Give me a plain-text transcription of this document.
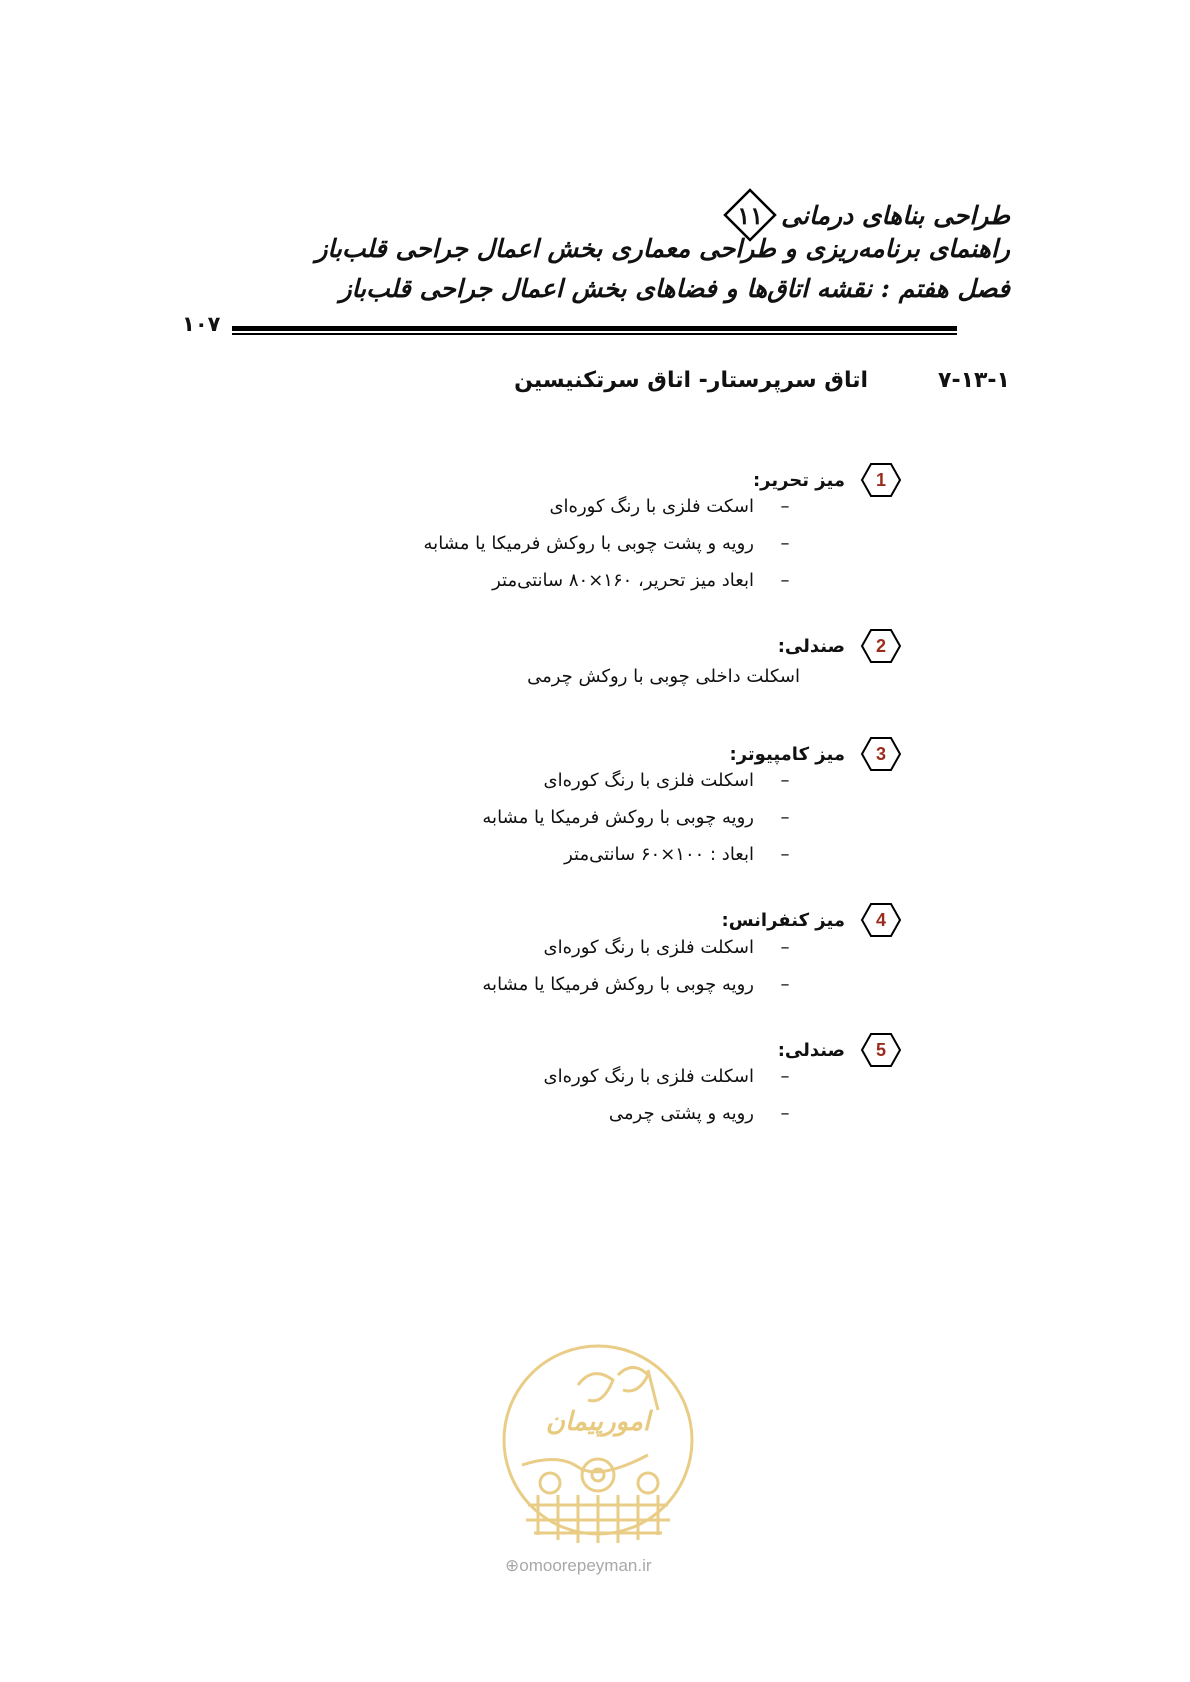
طراحی بناهای درمانی
۱۱
راهنمای برنامه‌ریزی و طراحی معماری بخش اعمال جراحی قلب‌باز
فصل هفتم : نقشه اتاق‌ها و فضاهای بخش اعمال جراحی قلب‌باز
۱۰۷
۷-۱۳-۱
اتاق سرپرستار- اتاق سرتکنیسین
1
میز تحریر:
–
اسکت فلزی با رنگ کوره‌ای
–
رویه و پشت چوبی با روکش فرمیکا یا مشابه
–
ابعاد میز تحریر، ۱۶۰×۸۰ سانتی‌متر
2
صندلی:
اسکلت داخلی چوبی با روکش چرمی
3
میز کامپیوتر:
–
اسکلت فلزی با رنگ کوره‌ای
–
رویه چوبی با روکش فرمیکا یا مشابه
–
ابعاد : ۱۰۰×۶۰ سانتی‌متر
4
میز کنفرانس:
–
اسکلت فلزی با رنگ کوره‌ای
–
رویه چوبی با روکش فرمیکا یا مشابه
5
صندلی:
–
اسکلت فلزی با رنگ کوره‌ای
–
رویه و پشتی چرمی
امورپیمان
⊕omoorepeyman.ir
